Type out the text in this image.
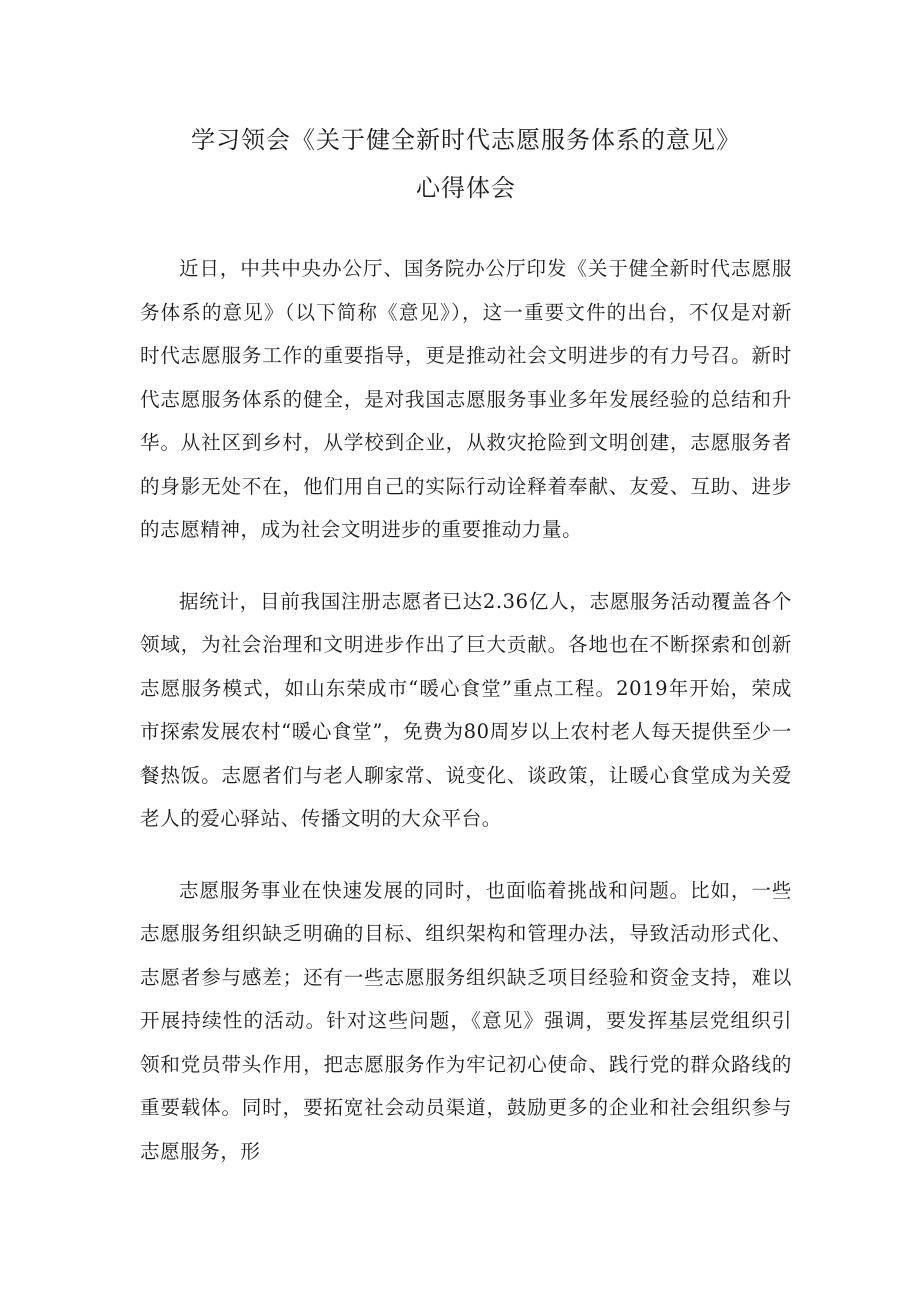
学习领会《关于健全新时代志愿服务体系的意见》
心得体会

近日，中共中央办公厅、国务院办公厅印发《关于健全新时代志愿服务体系的意见》（以下简称《意见》），这一重要文件的出台，不仅是对新时代志愿服务工作的重要指导，更是推动社会文明进步的有力号召。新时代志愿服务体系的健全，是对我国志愿服务事业多年发展经验的总结和升华。从社区到乡村，从学校到企业，从救灾抢险到文明创建，志愿服务者的身影无处不在，他们用自己的实际行动诠释着奉献、友爱、互助、进步的志愿精神，成为社会文明进步的重要推动力量。

据统计，目前我国注册志愿者已达2.36亿人，志愿服务活动覆盖各个领域，为社会治理和文明进步作出了巨大贡献。各地也在不断探索和创新志愿服务模式，如山东荣成市“暖心食堂”重点工程。2019年开始，荣成市探索发展农村“暖心食堂”，免费为80周岁以上农村老人每天提供至少一餐热饭。志愿者们与老人聊家常、说变化、谈政策，让暖心食堂成为关爱老人的爱心驿站、传播文明的大众平台。

志愿服务事业在快速发展的同时，也面临着挑战和问题。比如，一些志愿服务组织缺乏明确的目标、组织架构和管理办法，导致活动形式化、志愿者参与感差；还有一些志愿服务组织缺乏项目经验和资金支持，难以开展持续性的活动。针对这些问题，《意见》强调，要发挥基层党组织引领和党员带头作用，把志愿服务作为牢记初心使命、践行党的群众路线的重要载体。同时，要拓宽社会动员渠道，鼓励更多的企业和社会组织参与志愿服务，形
